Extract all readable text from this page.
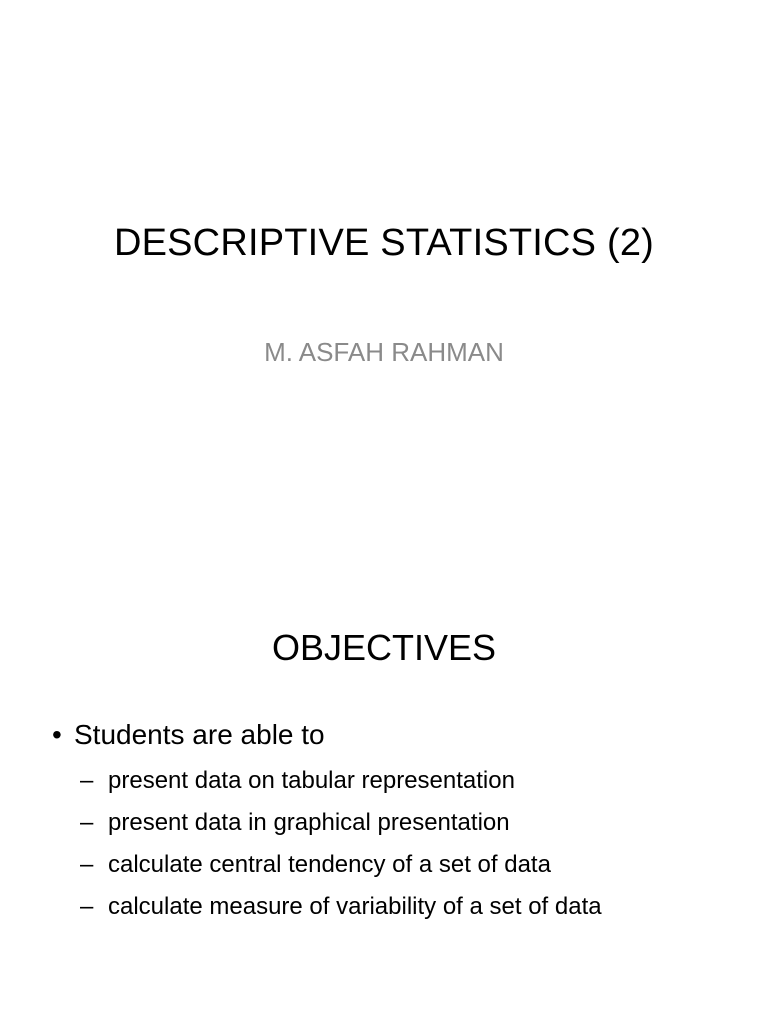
DESCRIPTIVE STATISTICS (2)
M. ASFAH RAHMAN
OBJECTIVES
• Students are able to
– present data on tabular representation
– present data in graphical presentation
– calculate central tendency of a set of data
– calculate measure of variability of a set of data
